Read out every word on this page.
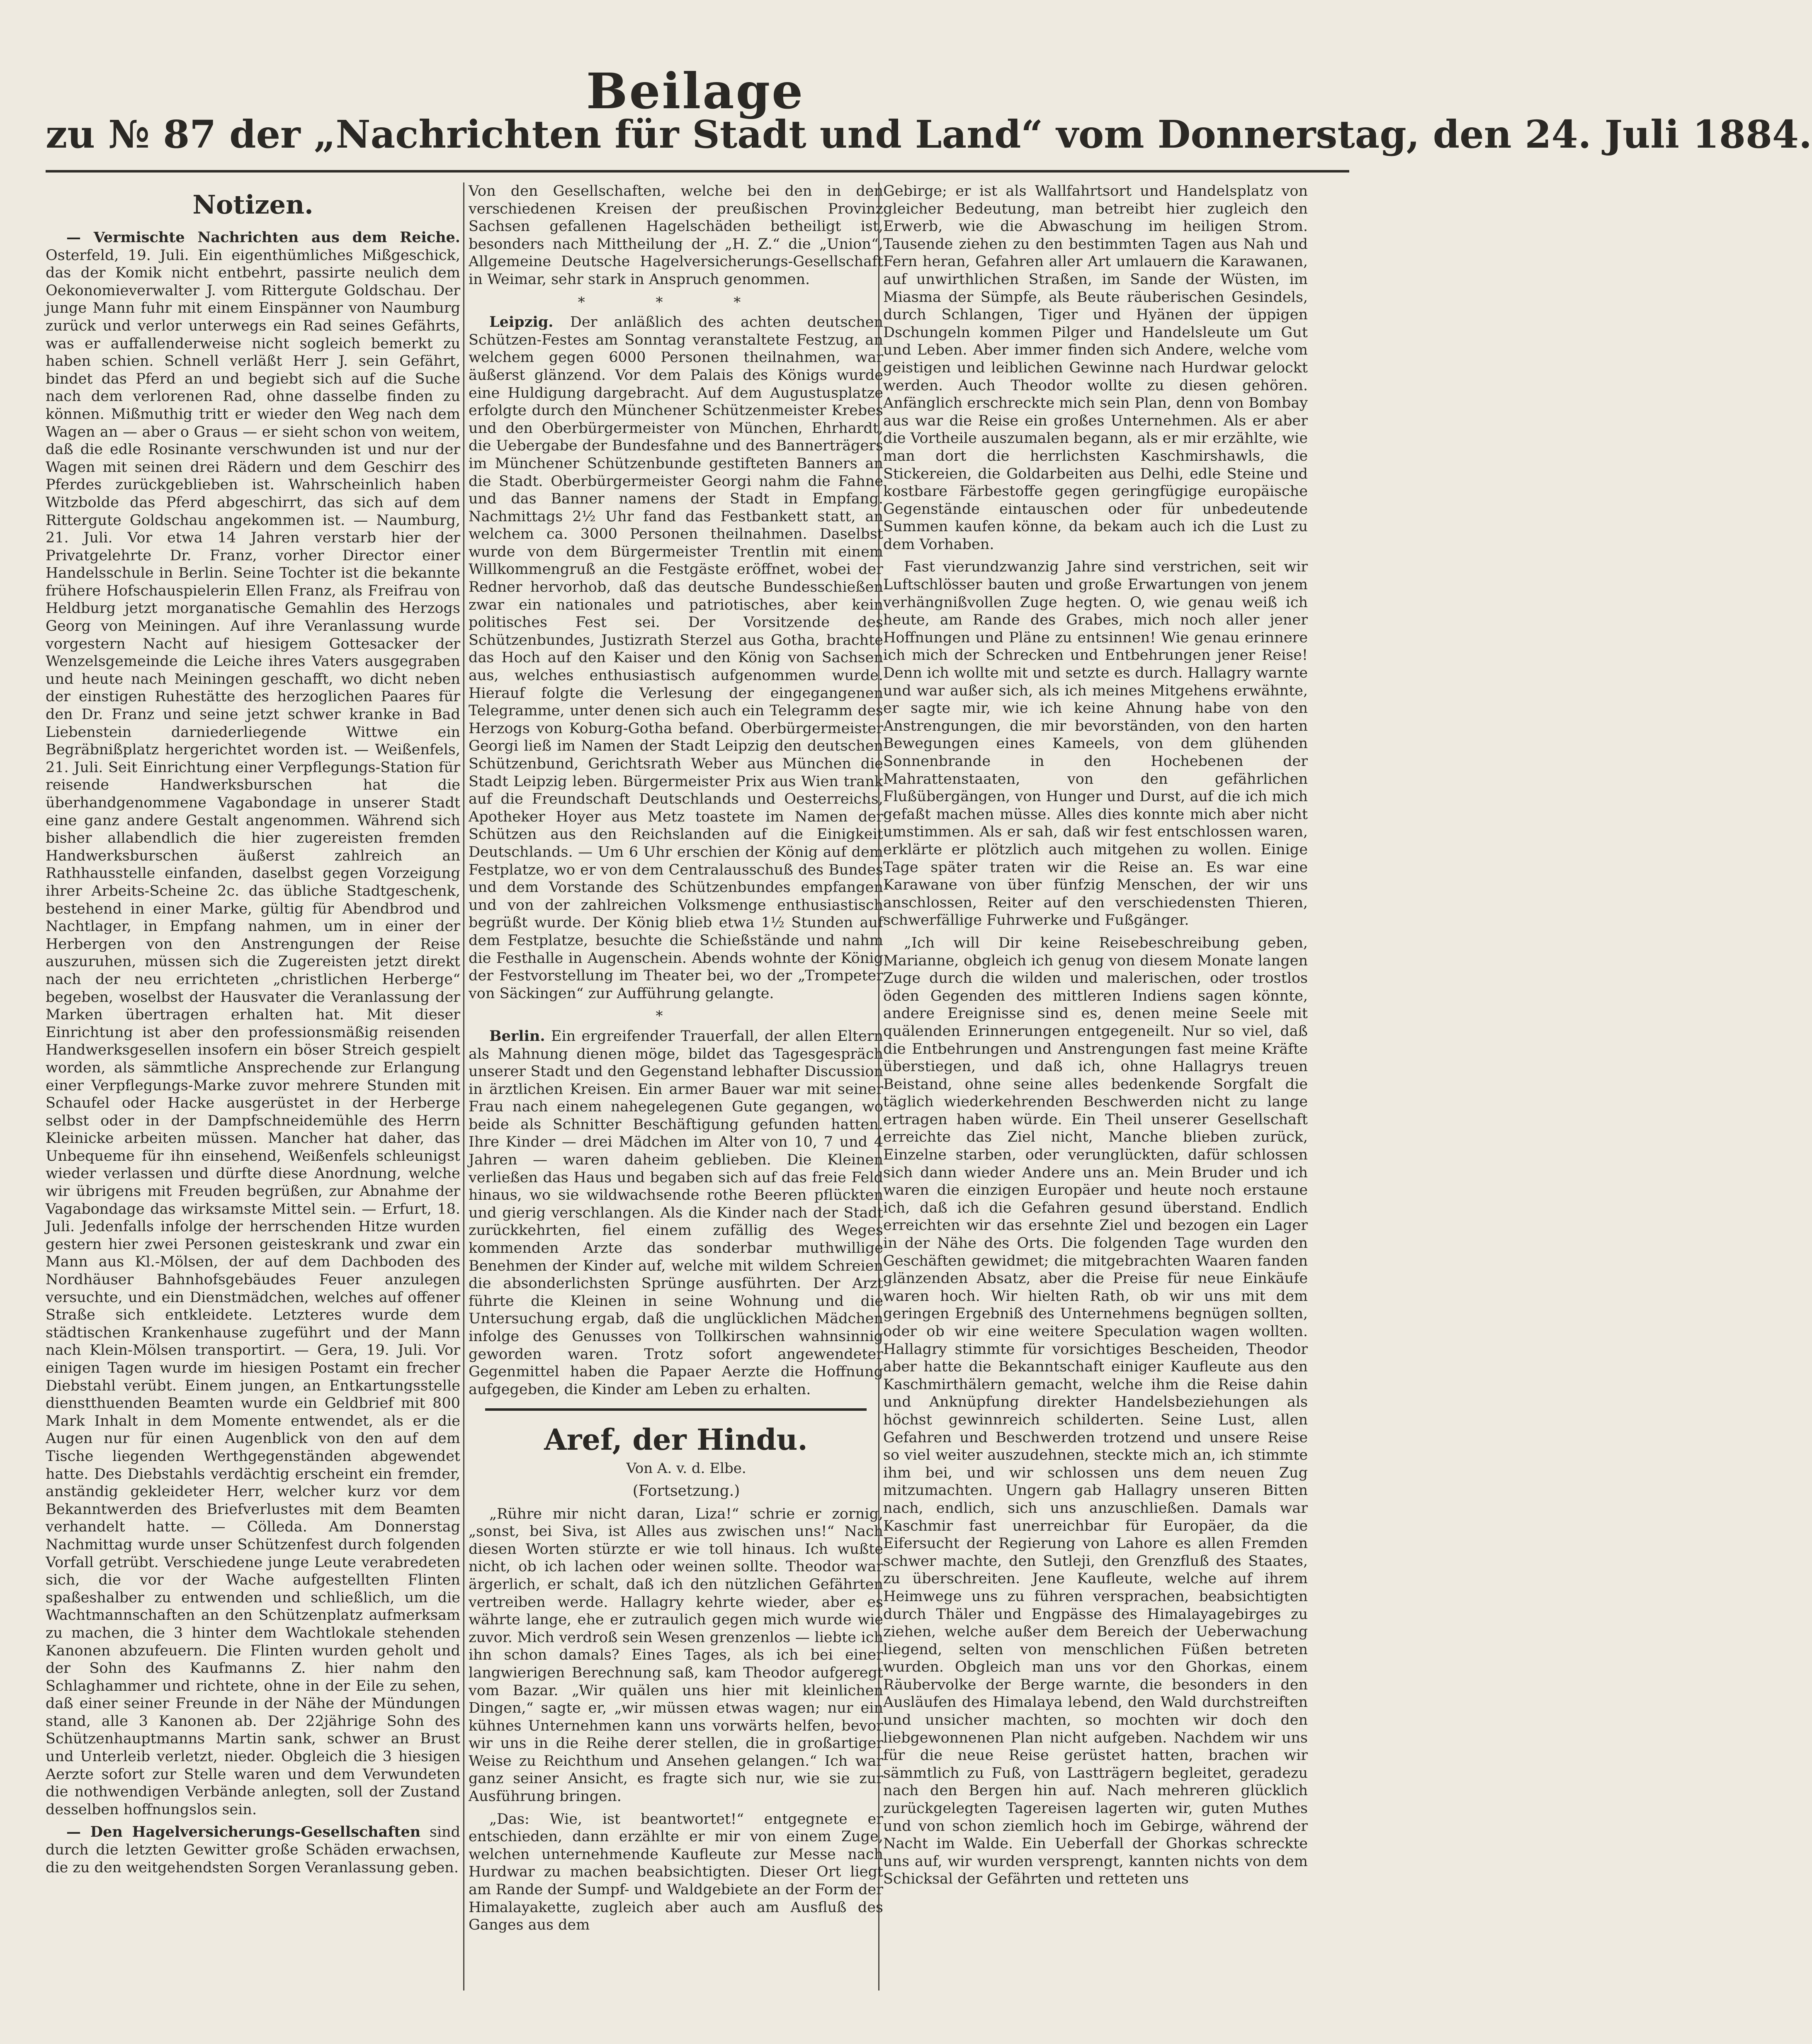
Beilage
zu № 87 der „Nachrichten für Stadt und Land“ vom Donnerstag, den 24. Juli 1884.
Notizen.

— Vermischte Nachrichten aus dem Reiche. Osterfeld, 19. Juli. Ein eigenthümliches Mißgeschick, das der Komik nicht entbehrt, passirte neulich dem Oekonomieverwalter J. vom Rittergute Goldschau. Der junge Mann fuhr mit einem Einspänner von Naumburg zurück und verlor unterwegs ein Rad seines Gefährts, was er auffallenderweise nicht sogleich bemerkt zu haben schien. Schnell verläßt Herr J. sein Gefährt, bindet das Pferd an und begiebt sich auf die Suche nach dem verlorenen Rad, ohne dasselbe finden zu können. Mißmuthig tritt er wieder den Weg nach dem Wagen an — aber o Graus — er sieht schon von weitem, daß die edle Rosinante verschwunden ist und nur der Wagen mit seinen drei Rädern und dem Geschirr des Pferdes zurückgeblieben ist. Wahrscheinlich haben Witzbolde das Pferd abgeschirrt, das sich auf dem Rittergute Goldschau angekommen ist. — Naumburg, 21. Juli. Vor etwa 14 Jahren verstarb hier der Privatgelehrte Dr. Franz, vorher Director einer Handelsschule in Berlin. Seine Tochter ist die bekannte frühere Hofschauspielerin Ellen Franz, als Freifrau von Heldburg jetzt morganatische Gemahlin des Herzogs Georg von Meiningen. Auf ihre Veranlassung wurde vorgestern Nacht auf hiesigem Gottesacker der Wenzelsgemeinde die Leiche ihres Vaters ausgegraben und heute nach Meiningen geschafft, wo dicht neben der einstigen Ruhestätte des herzoglichen Paares für den Dr. Franz und seine jetzt schwer kranke in Bad Liebenstein darniederliegende Wittwe ein Begräbnißplatz hergerichtet worden ist. — Weißenfels, 21. Juli. Seit Einrichtung einer Verpflegungs-Station für reisende Handwerksburschen hat die überhandgenommene Vagabondage in unserer Stadt eine ganz andere Gestalt angenommen. Während sich bisher allabendlich die hier zugereisten fremden Handwerksburschen äußerst zahlreich an Rathhausstelle einfanden, daselbst gegen Vorzeigung ihrer Arbeits-Scheine 2c. das übliche Stadtgeschenk, bestehend in einer Marke, gültig für Abendbrod und Nachtlager, in Empfang nahmen, um in einer der Herbergen von den Anstrengungen der Reise auszuruhen, müssen sich die Zugereisten jetzt direkt nach der neu errichteten „christlichen Herberge“ begeben, woselbst der Hausvater die Veranlassung der Marken übertragen erhalten hat. Mit dieser Einrichtung ist aber den professionsmäßig reisenden Handwerksgesellen insofern ein böser Streich gespielt worden, als sämmtliche Ansprechende zur Erlangung einer Verpflegungs-Marke zuvor mehrere Stunden mit Schaufel oder Hacke ausgerüstet in der Herberge selbst oder in der Dampfschneidemühle des Herrn Kleinicke arbeiten müssen. Mancher hat daher, das Unbequeme für ihn einsehend, Weißenfels schleunigst wieder verlassen und dürfte diese Anordnung, welche wir übrigens mit Freuden begrüßen, zur Abnahme der Vagabondage das wirksamste Mittel sein. — Erfurt, 18. Juli. Jedenfalls infolge der herrschenden Hitze wurden gestern hier zwei Personen geisteskrank und zwar ein Mann aus Kl.-Mölsen, der auf dem Dachboden des Nordhäuser Bahnhofsgebäudes Feuer anzulegen versuchte, und ein Dienstmädchen, welches auf offener Straße sich entkleidete. Letzteres wurde dem städtischen Krankenhause zugeführt und der Mann nach Klein-Mölsen transportirt. — Gera, 19. Juli. Vor einigen Tagen wurde im hiesigen Postamt ein frecher Diebstahl verübt. Einem jungen, an Entkartungsstelle dienstthuenden Beamten wurde ein Geldbrief mit 800 Mark Inhalt in dem Momente entwendet, als er die Augen nur für einen Augenblick von den auf dem Tische liegenden Werthgegenständen abgewendet hatte. Des Diebstahls verdächtig erscheint ein fremder, anständig gekleideter Herr, welcher kurz vor dem Bekanntwerden des Briefverlustes mit dem Beamten verhandelt hatte. — Cölleda. Am Donnerstag Nachmittag wurde unser Schützenfest durch folgenden Vorfall getrübt. Verschiedene junge Leute verabredeten sich, die vor der Wache aufgestellten Flinten spaßeshalber zu entwenden und schließlich, um die Wachtmannschaften an den Schützenplatz aufmerksam zu machen, die 3 hinter dem Wachtlokale stehenden Kanonen abzufeuern. Die Flinten wurden geholt und der Sohn des Kaufmanns Z. hier nahm den Schlaghammer und richtete, ohne in der Eile zu sehen, daß einer seiner Freunde in der Nähe der Mündungen stand, alle 3 Kanonen ab. Der 22jährige Sohn des Schützenhauptmanns Martin sank, schwer an Brust und Unterleib verletzt, nieder. Obgleich die 3 hiesigen Aerzte sofort zur Stelle waren und dem Verwundeten die nothwendigen Verbände anlegten, soll der Zustand desselben hoffnungslos sein.

— Den Hagelversicherungs-Gesellschaften sind durch die letzten Gewitter große Schäden erwachsen, die zu den weitgehendsten Sorgen Veranlassung geben.

Von den Gesellschaften, welche bei den in den verschiedenen Kreisen der preußischen Provinz Sachsen gefallenen Hagelschäden betheiligt ist, besonders nach Mittheilung der „H. Z.“ die „Union“, Allgemeine Deutsche Hagelversicherungs-Gesellschaft in Weimar, sehr stark in Anspruch genommen.

* * *

Leipzig. Der anläßlich des achten deutschen Schützen-Festes am Sonntag veranstaltete Festzug, an welchem gegen 6000 Personen theilnahmen, war äußerst glänzend. Vor dem Palais des Königs wurde eine Huldigung dargebracht. Auf dem Augustusplatze erfolgte durch den Münchener Schützenmeister Krebes und den Oberbürgermeister von München, Ehrhardt, die Uebergabe der Bundesfahne und des Bannerträgers im Münchener Schützenbunde gestifteten Banners an die Stadt. Oberbürgermeister Georgi nahm die Fahne und das Banner namens der Stadt in Empfang. Nachmittags 2½ Uhr fand das Festbankett statt, an welchem ca. 3000 Personen theilnahmen. Daselbst wurde von dem Bürgermeister Trentlin mit einem Willkommengruß an die Festgäste eröffnet, wobei der Redner hervorhob, daß das deutsche Bundesschießen zwar ein nationales und patriotisches, aber kein politisches Fest sei. Der Vorsitzende des Schützenbundes, Justizrath Sterzel aus Gotha, brachte das Hoch auf den Kaiser und den König von Sachsen aus, welches enthusiastisch aufgenommen wurde. Hierauf folgte die Verlesung der eingegangenen Telegramme, unter denen sich auch ein Telegramm des Herzogs von Koburg-Gotha befand. Oberbürgermeister Georgi ließ im Namen der Stadt Leipzig den deutschen Schützenbund, Gerichtsrath Weber aus München die Stadt Leipzig leben. Bürgermeister Prix aus Wien trank auf die Freundschaft Deutschlands und Oesterreichs, Apotheker Hoyer aus Metz toastete im Namen der Schützen aus den Reichslanden auf die Einigkeit Deutschlands. — Um 6 Uhr erschien der König auf dem Festplatze, wo er von dem Centralausschuß des Bundes und dem Vorstande des Schützenbundes empfangen und von der zahlreichen Volksmenge enthusiastisch begrüßt wurde. Der König blieb etwa 1½ Stunden auf dem Festplatze, besuchte die Schießstände und nahm die Festhalle in Augenschein. Abends wohnte der König der Festvorstellung im Theater bei, wo der „Trompeter von Säckingen“ zur Aufführung gelangte.

*

Berlin. Ein ergreifender Trauerfall, der allen Eltern als Mahnung dienen möge, bildet das Tagesgespräch unserer Stadt und den Gegenstand lebhafter Discussion in ärztlichen Kreisen. Ein armer Bauer war mit seiner Frau nach einem nahegelegenen Gute gegangen, wo beide als Schnitter Beschäftigung gefunden hatten. Ihre Kinder — drei Mädchen im Alter von 10, 7 und 4 Jahren — waren daheim geblieben. Die Kleinen verließen das Haus und begaben sich auf das freie Feld hinaus, wo sie wildwachsende rothe Beeren pflückten und gierig verschlangen. Als die Kinder nach der Stadt zurückkehrten, fiel einem zufällig des Weges kommenden Arzte das sonderbar muthwillige Benehmen der Kinder auf, welche mit wildem Schreien die absonderlichsten Sprünge ausführten. Der Arzt führte die Kleinen in seine Wohnung und die Untersuchung ergab, daß die unglücklichen Mädchen infolge des Genusses von Tollkirschen wahnsinnig geworden waren. Trotz sofort angewendeter Gegenmittel haben die Papaer Aerzte die Hoffnung aufgegeben, die Kinder am Leben zu erhalten.

Aref, der Hindu.

Von A. v. d. Elbe.

(Fortsetzung.)

„Rühre mir nicht daran, Liza!“ schrie er zornig, „sonst, bei Siva, ist Alles aus zwischen uns!“ Nach diesen Worten stürzte er wie toll hinaus. Ich wußte nicht, ob ich lachen oder weinen sollte. Theodor war ärgerlich, er schalt, daß ich den nützlichen Gefährten vertreiben werde. Hallagry kehrte wieder, aber es währte lange, ehe er zutraulich gegen mich wurde wie zuvor. Mich verdroß sein Wesen grenzenlos — liebte ich ihn schon damals? Eines Tages, als ich bei einer langwierigen Berechnung saß, kam Theodor aufgeregt vom Bazar. „Wir quälen uns hier mit kleinlichen Dingen,“ sagte er, „wir müssen etwas wagen; nur ein kühnes Unternehmen kann uns vorwärts helfen, bevor wir uns in die Reihe derer stellen, die in großartiger Weise zu Reichthum und Ansehen gelangen.“ Ich war ganz seiner Ansicht, es fragte sich nur, wie sie zur Ausführung bringen.

„Das: Wie, ist beantwortet!“ entgegnete er entschieden, dann erzählte er mir von einem Zuge, welchen unternehmende Kaufleute zur Messe nach Hurdwar zu machen beabsichtigten. Dieser Ort liegt am Rande der Sumpf- und Waldgebiete an der Form der Himalayakette, zugleich aber auch am Ausfluß des Ganges aus dem

Gebirge; er ist als Wallfahrtsort und Handelsplatz von gleicher Bedeutung, man betreibt hier zugleich den Erwerb, wie die Abwaschung im heiligen Strom. Tausende ziehen zu den bestimmten Tagen aus Nah und Fern heran, Gefahren aller Art umlauern die Karawanen, auf unwirthlichen Straßen, im Sande der Wüsten, im Miasma der Sümpfe, als Beute räuberischen Gesindels, durch Schlangen, Tiger und Hyänen der üppigen Dschungeln kommen Pilger und Handelsleute um Gut und Leben. Aber immer finden sich Andere, welche vom geistigen und leiblichen Gewinne nach Hurdwar gelockt werden. Auch Theodor wollte zu diesen gehören. Anfänglich erschreckte mich sein Plan, denn von Bombay aus war die Reise ein großes Unternehmen. Als er aber die Vortheile auszumalen begann, als er mir erzählte, wie man dort die herrlichsten Kaschmirshawls, die Stickereien, die Goldarbeiten aus Delhi, edle Steine und kostbare Färbestoffe gegen geringfügige europäische Gegenstände eintauschen oder für unbedeutende Summen kaufen könne, da bekam auch ich die Lust zu dem Vorhaben.

Fast vierundzwanzig Jahre sind verstrichen, seit wir Luftschlösser bauten und große Erwartungen von jenem verhängnißvollen Zuge hegten. O, wie genau weiß ich heute, am Rande des Grabes, mich noch aller jener Hoffnungen und Pläne zu entsinnen! Wie genau erinnere ich mich der Schrecken und Entbehrungen jener Reise! Denn ich wollte mit und setzte es durch. Hallagry warnte und war außer sich, als ich meines Mitgehens erwähnte, er sagte mir, wie ich keine Ahnung habe von den Anstrengungen, die mir bevorständen, von den harten Bewegungen eines Kameels, von dem glühenden Sonnenbrande in den Hochebenen der Mahrattenstaaten, von den gefährlichen Flußübergängen, von Hunger und Durst, auf die ich mich gefaßt machen müsse. Alles dies konnte mich aber nicht umstimmen. Als er sah, daß wir fest entschlossen waren, erklärte er plötzlich auch mitgehen zu wollen. Einige Tage später traten wir die Reise an. Es war eine Karawane von über fünfzig Menschen, der wir uns anschlossen, Reiter auf den verschiedensten Thieren, schwerfällige Fuhrwerke und Fußgänger.

„Ich will Dir keine Reisebeschreibung geben, Marianne, obgleich ich genug von diesem Monate langen Zuge durch die wilden und malerischen, oder trostlos öden Gegenden des mittleren Indiens sagen könnte, andere Ereignisse sind es, denen meine Seele mit quälenden Erinnerungen entgegeneilt. Nur so viel, daß die Entbehrungen und Anstrengungen fast meine Kräfte überstiegen, und daß ich, ohne Hallagrys treuen Beistand, ohne seine alles bedenkende Sorgfalt die täglich wiederkehrenden Beschwerden nicht zu lange ertragen haben würde. Ein Theil unserer Gesellschaft erreichte das Ziel nicht, Manche blieben zurück, Einzelne starben, oder verunglückten, dafür schlossen sich dann wieder Andere uns an. Mein Bruder und ich waren die einzigen Europäer und heute noch erstaune ich, daß ich die Gefahren gesund überstand. Endlich erreichten wir das ersehnte Ziel und bezogen ein Lager in der Nähe des Orts. Die folgenden Tage wurden den Geschäften gewidmet; die mitgebrachten Waaren fanden glänzenden Absatz, aber die Preise für neue Einkäufe waren hoch. Wir hielten Rath, ob wir uns mit dem geringen Ergebniß des Unternehmens begnügen sollten, oder ob wir eine weitere Speculation wagen wollten. Hallagry stimmte für vorsichtiges Bescheiden, Theodor aber hatte die Bekanntschaft einiger Kaufleute aus den Kaschmirthälern gemacht, welche ihm die Reise dahin und Anknüpfung direkter Handelsbeziehungen als höchst gewinnreich schilderten. Seine Lust, allen Gefahren und Beschwerden trotzend und unsere Reise so viel weiter auszudehnen, steckte mich an, ich stimmte ihm bei, und wir schlossen uns dem neuen Zug mitzumachten. Ungern gab Hallagry unseren Bitten nach, endlich, sich uns anzuschließen. Damals war Kaschmir fast unerreichbar für Europäer, da die Eifersucht der Regierung von Lahore es allen Fremden schwer machte, den Sutleji, den Grenzfluß des Staates, zu überschreiten. Jene Kaufleute, welche auf ihrem Heimwege uns zu führen versprachen, beabsichtigten durch Thäler und Engpässe des Himalayagebirges zu ziehen, welche außer dem Bereich der Ueberwachung liegend, selten von menschlichen Füßen betreten wurden. Obgleich man uns vor den Ghorkas, einem Räubervolke der Berge warnte, die besonders in den Ausläufen des Himalaya lebend, den Wald durchstreiften und unsicher machten, so mochten wir doch den liebgewonnenen Plan nicht aufgeben. Nachdem wir uns für die neue Reise gerüstet hatten, brachen wir sämmtlich zu Fuß, von Lastträgern begleitet, geradezu nach den Bergen hin auf. Nach mehreren glücklich zurückgelegten Tagereisen lagerten wir, guten Muthes und von schon ziemlich hoch im Gebirge, während der Nacht im Walde. Ein Ueberfall der Ghorkas schreckte uns auf, wir wurden versprengt, kannten nichts von dem Schicksal der Gefährten und retteten uns
